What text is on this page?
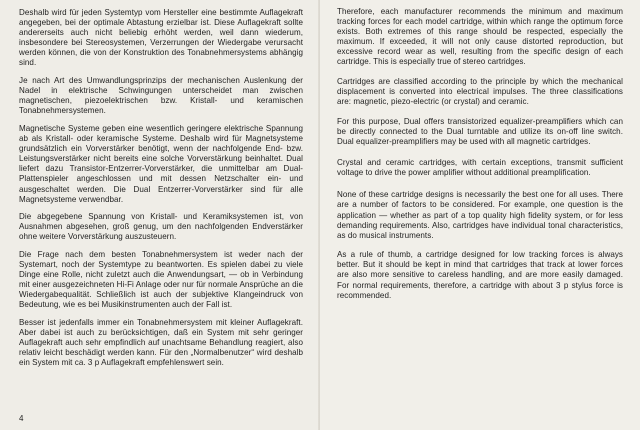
Deshalb wird für jeden Systemtyp vom Hersteller eine bestimmte Auflagekraft angegeben, bei der optimale Abtastung erzielbar ist. Diese Auflagekraft sollte andererseits auch nicht beliebig erhöht werden, weil dann wiederum, insbesondere bei Stereosystemen, Verzerrungen der Wiedergabe verursacht werden können, die von der Konstruktion des Tonabnehmersystems abhängig sind.

Je nach Art des Umwandlungsprinzips der mechanischen Auslenkung der Nadel in elektrische Schwingungen unterscheidet man zwischen magnetischen, piezoelektrischen bzw. Kristall- und keramischen Tonabnehmersystemen.

Magnetische Systeme geben eine wesentlich geringere elektrische Spannung ab als Kristall- oder keramische Systeme. Deshalb wird für Magnetsysteme grundsätzlich ein Vorverstärker benötigt, wenn der nachfolgende End- bzw. Leistungsverstärker nicht bereits eine solche Vorverstärkung beinhaltet. Dual liefert dazu Transistor-Entzerrer-Vorverstärker, die unmittelbar am Dual-Plattenspieler angeschlossen und mit dessen Netzschalter ein- und ausgeschaltet werden. Die Dual Entzerrer-Vorverstärker sind für alle Magnetsysteme verwendbar.

Die abgegebene Spannung von Kristall- und Keramiksystemen ist, von Ausnahmen abgesehen, groß genug, um den nachfolgenden Endverstärker ohne weitere Vorverstärkung auszusteuern.

Die Frage nach dem besten Tonabnehmersystem ist weder nach der Systemart, noch der Systemtype zu beantworten. Es spielen dabei zu viele Dinge eine Rolle, nicht zuletzt auch die Anwendungsart, — ob in Verbindung mit einer ausgezeichneten Hi-Fi Anlage oder nur für normale Ansprüche an die Wiedergabequalität. Schließlich ist auch der subjektive Klangeindruck von Bedeutung, wie es bei Musikinstrumenten auch der Fall ist.

Besser ist jedenfalls immer ein Tonabnehmersystem mit kleiner Auflagekraft. Aber dabei ist auch zu berücksichtigen, daß ein System mit sehr geringer Auflagekraft auch sehr empfindlich auf unachtsame Behandlung reagiert, also relativ leicht beschädigt werden kann. Für den „Normalbenutzer“ wird deshalb ein System mit ca. 3 p Auflagekraft empfehlenswert sein.

4

Therefore, each manufacturer recommends the minimum and maximum tracking forces for each model cartridge, within which range the optimum force exists. Both extremes of this range should be respected, especially the maximum. If exceeded, it will not only cause distorted reproduction, but excessive record wear as well, resulting from the specific design of each cartridge. This is especially true of stereo cartridges.

Cartridges are classified according to the principle by which the mechanical displacement is converted into electrical impulses. The three classifications are: magnetic, piezo-electric (or crystal) and ceramic.

For this purpose, Dual offers transistorized equalizer-preamplifiers which can be directly connected to the Dual turntable and utilize its on-off line switch. Dual equalizer-preamplifiers may be used with all magnetic cartridges.

Crystal and ceramic cartridges, with certain exceptions, transmit sufficient voltage to drive the power amplifier without additional preamplification.

None of these cartridge designs is necessarily the best one for all uses. There are a number of factors to be considered. For example, one question is the application — whether as part of a top quality high fidelity system, or for less demanding requirements. Also, cartridges have individual tonal characteristics, as do musical instruments.

As a rule of thumb, a cartridge designed for low tracking forces is always better. But it should be kept in mind that cartridges that track at lower forces are also more sensitive to careless handling, and are more easily damaged. For normal requirements, therefore, a cartridge with about 3 p stylus force is recommended.
